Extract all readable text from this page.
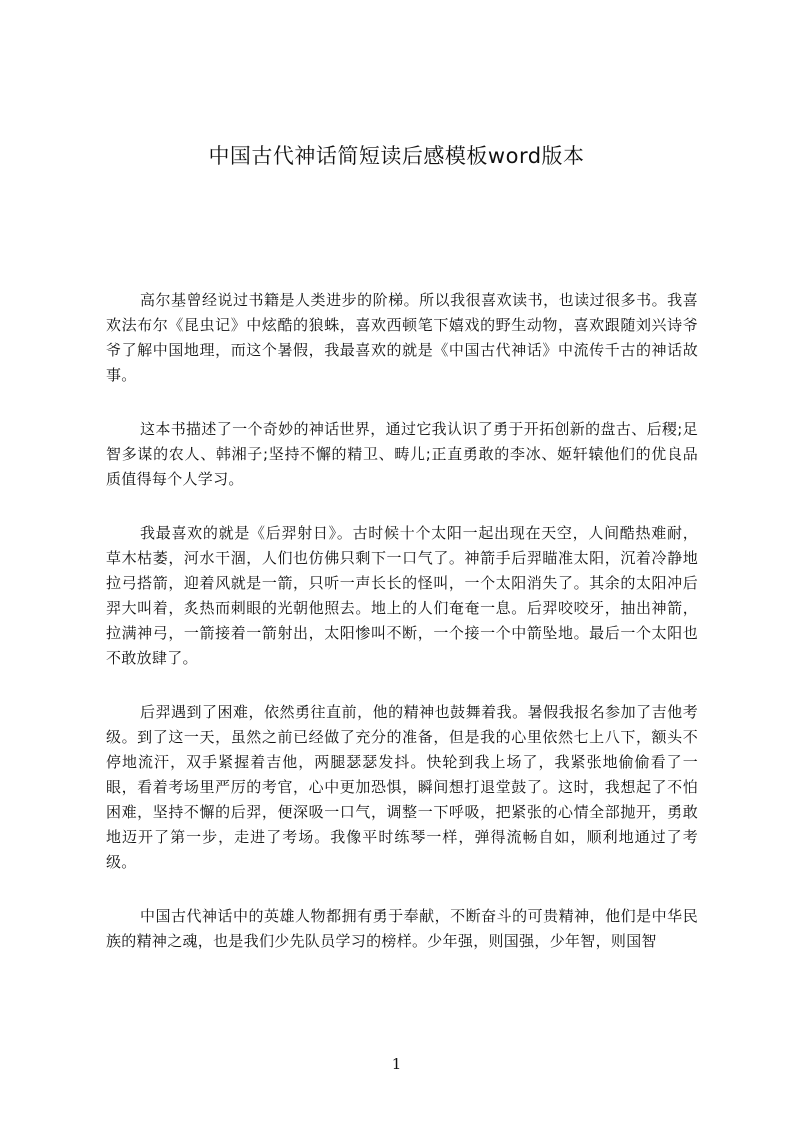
中国古代神话简短读后感模板word版本

高尔基曾经说过书籍是人类进步的阶梯。所以我很喜欢读书，也读过很多书。我喜欢法布尔《昆虫记》中炫酷的狼蛛，喜欢西顿笔下嬉戏的野生动物，喜欢跟随刘兴诗爷爷了解中国地理，而这个暑假，我最喜欢的就是《中国古代神话》中流传千古的神话故事。

这本书描述了一个奇妙的神话世界，通过它我认识了勇于开拓创新的盘古、后稷;足智多谋的农人、韩湘子;坚持不懈的精卫、畴儿;正直勇敢的李冰、姬轩辕他们的优良品质值得每个人学习。

我最喜欢的就是《后羿射日》。古时候十个太阳一起出现在天空，人间酷热难耐，草木枯萎，河水干涸，人们也仿佛只剩下一口气了。神箭手后羿瞄准太阳，沉着冷静地拉弓搭箭，迎着风就是一箭，只听一声长长的怪叫，一个太阳消失了。其余的太阳冲后羿大叫着，炙热而刺眼的光朝他照去。地上的人们奄奄一息。后羿咬咬牙，抽出神箭，拉满神弓，一箭接着一箭射出，太阳惨叫不断，一个接一个中箭坠地。最后一个太阳也不敢放肆了。

后羿遇到了困难，依然勇往直前，他的精神也鼓舞着我。暑假我报名参加了吉他考级。到了这一天，虽然之前已经做了充分的准备，但是我的心里依然七上八下，额头不停地流汗，双手紧握着吉他，两腿瑟瑟发抖。快轮到我上场了，我紧张地偷偷看了一眼，看着考场里严厉的考官，心中更加恐惧，瞬间想打退堂鼓了。这时，我想起了不怕困难，坚持不懈的后羿，便深吸一口气，调整一下呼吸，把紧张的心情全部抛开，勇敢地迈开了第一步，走进了考场。我像平时练琴一样，弹得流畅自如，顺利地通过了考级。

中国古代神话中的英雄人物都拥有勇于奉献，不断奋斗的可贵精神，他们是中华民族的精神之魂，也是我们少先队员学习的榜样。少年强，则国强，少年智，则国智

1
